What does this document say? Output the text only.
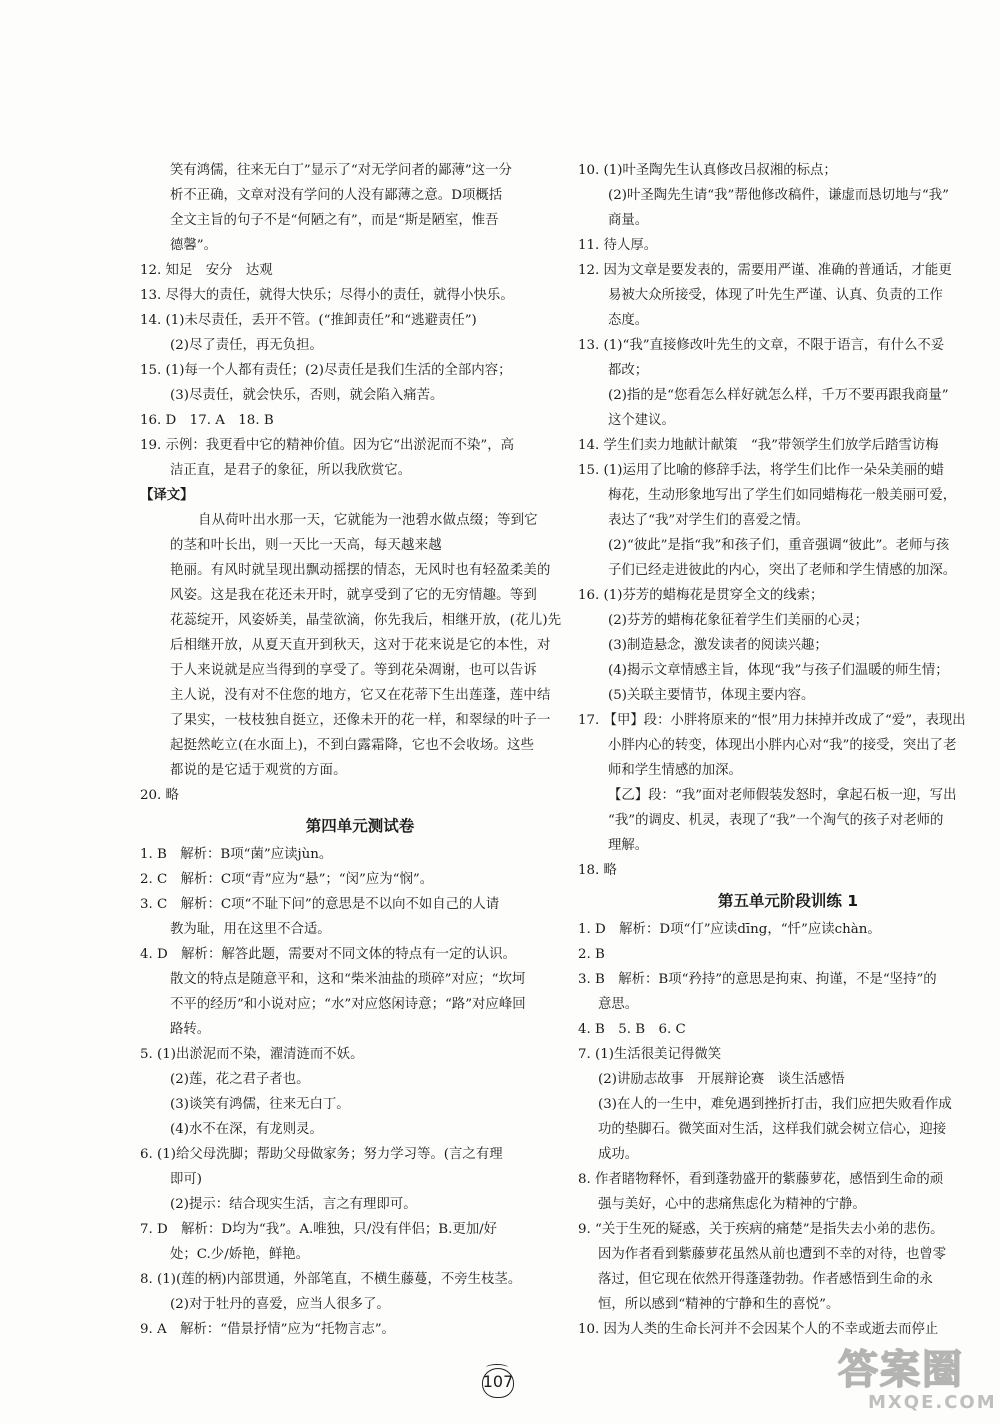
笑有鸿儒，往来无白丁”显示了“对无学问者的鄙薄”这一分
析不正确，文章对没有学问的人没有鄙薄之意。D项概括
全文主旨的句子不是“何陋之有”，而是“斯是陋室，惟吾
德馨”。
12. 知足　安分　达观
13. 尽得大的责任，就得大快乐；尽得小的责任，就得小快乐。
14. (1)未尽责任，丢开不管。(“推卸责任”和“逃避责任”)
(2)尽了责任，再无负担。
15. (1)每一个人都有责任；(2)尽责任是我们生活的全部内容；
(3)尽责任，就会快乐，否则，就会陷入痛苦。
16. D　17. A　18. B
19. 示例：我更看中它的精神价值。因为它“出淤泥而不染”，高
洁正直，是君子的象征，所以我欣赏它。
【译文】
自从荷叶出水那一天，它就能为一池碧水做点缀；等到它
的茎和叶长出，则一天比一天高，每天越来越
艳丽。有风时就呈现出飘动摇摆的情态，无风时也有轻盈柔美的
风姿。这是我在花还未开时，就享受到了它的无穷情趣。等到
花蕊绽开，风姿娇美，晶莹欲滴，你先我后，相继开放，(花儿)先
后相继开放，从夏天直开到秋天，这对于花来说是它的本性，对
于人来说就是应当得到的享受了。等到花朵凋谢，也可以告诉
主人说，没有对不住您的地方，它又在花蒂下生出莲蓬，莲中结
了果实，一枝枝独自挺立，还像未开的花一样，和翠绿的叶子一
起挺然屹立(在水面上)，不到白露霜降，它也不会收场。这些
都说的是它适于观赏的方面。
20. 略
第四单元测试卷
1. B　解析：B项“菌”应读jùn。
2. C　解析：C项“青”应为“悬”；“闵”应为“悯”。
3. C　解析：C项“不耻下问”的意思是不以向不如自己的人请
教为耻，用在这里不合适。
4. D　解析：解答此题，需要对不同文体的特点有一定的认识。
散文的特点是随意平和，这和“柴米油盐的琐碎”对应；“坎坷
不平的经历”和小说对应；“水”对应悠闲诗意；“路”对应峰回
路转。
5. (1)出淤泥而不染，濯清涟而不妖。
(2)莲，花之君子者也。
(3)谈笑有鸿儒，往来无白丁。
(4)水不在深，有龙则灵。
6. (1)给父母洗脚；帮助父母做家务；努力学习等。(言之有理
即可)
(2)提示：结合现实生活，言之有理即可。
7. D　解析：D均为“我”。A.唯独，只/没有伴侣；B.更加/好
处；C.少/娇艳，鲜艳。
8. (1)(莲的柄)内部贯通，外部笔直，不横生藤蔓，不旁生枝茎。
(2)对于牡丹的喜爱，应当人很多了。
9. A　解析：“借景抒情”应为“托物言志”。
10. (1)叶圣陶先生认真修改吕叔湘的标点；
(2)叶圣陶先生请“我”帮他修改稿件，谦虚而恳切地与“我”
商量。
11. 待人厚。
12. 因为文章是要发表的，需要用严谨、准确的普通话，才能更
易被大众所接受，体现了叶先生严谨、认真、负责的工作
态度。
13. (1)“我”直接修改叶先生的文章，不限于语言，有什么不妥
都改；
(2)指的是“您看怎么样好就怎么样，千万不要再跟我商量”
这个建议。
14. 学生们卖力地献计献策　“我”带领学生们放学后踏雪访梅
15. (1)运用了比喻的修辞手法，将学生们比作一朵朵美丽的蜡
梅花，生动形象地写出了学生们如同蜡梅花一般美丽可爱，
表达了“我”对学生们的喜爱之情。
(2)“彼此”是指“我”和孩子们，重音强调“彼此”。老师与孩
子们已经走进彼此的内心，突出了老师和学生情感的加深。
16. (1)芬芳的蜡梅花是贯穿全文的线索；
(2)芬芳的蜡梅花象征着学生们美丽的心灵；
(3)制造悬念，激发读者的阅读兴趣；
(4)揭示文章情感主旨，体现“我”与孩子们温暖的师生情；
(5)关联主要情节，体现主要内容。
17. 【甲】段：小胖将原来的“恨”用力抹掉并改成了“爱”，表现出
小胖内心的转变，体现出小胖内心对“我”的接受，突出了老
师和学生情感的加深。
【乙】段：“我”面对老师假装发怒时，拿起石板一迎，写出
“我”的调皮、机灵，表现了“我”一个淘气的孩子对老师的
理解。
18. 略
第五单元阶段训练 1
1. D　解析：D项“仃”应读dīng，“忏”应读chàn。
2. B
3. B　解析：B项“矜持”的意思是拘束、拘谨，不是“坚持”的
意思。
4. B　5. B　6. C
7. (1)生活很美记得微笑
(2)讲励志故事　开展辩论赛　谈生活感悟
(3)在人的一生中，难免遇到挫折打击，我们应把失败看作成
功的垫脚石。微笑面对生活，这样我们就会树立信心，迎接
成功。
8. 作者睹物释怀，看到蓬勃盛开的紫藤萝花，感悟到生命的顽
强与美好，心中的悲痛焦虑化为精神的宁静。
9. “关于生死的疑惑，关于疾病的痛楚”是指失去小弟的悲伤。
因为作者看到紫藤萝花虽然从前也遭到不幸的对待，也曾零
落过，但它现在依然开得蓬蓬勃勃。作者感悟到生命的永
恒，所以感到“精神的宁静和生的喜悦”。
10. 因为人类的生命长河并不会因某个人的不幸或逝去而停止
107	答案圈
MXQE.COM
